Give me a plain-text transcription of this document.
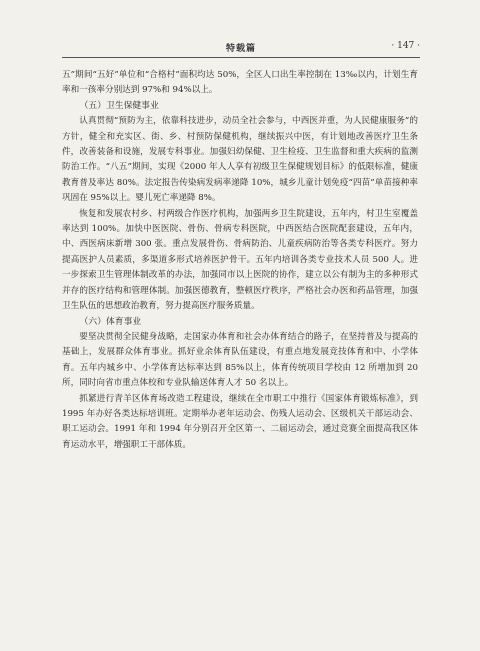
特载篇	· 147 ·

五”期间“五好”单位和“合格村”面积均达 50%，全区人口出生率控制在 13‰以内，计划生育率和一孩率分别达到 97%和 94%以上。

（五）卫生保健事业

认真贯彻“预防为主，依靠科技进步，动员全社会参与，中西医并重，为人民健康服务”的方针，健全和充实区、街、乡、村预防保健机构，继续振兴中医，有计划地改善医疗卫生条件，改善装备和设施，发展专科事业。加强妇幼保健、卫生检疫、卫生监督和重大疾病的监测防治工作。“八五”期间，实现《2000 年人人享有初级卫生保健规划目标》的低限标准，健康教育普及率达 80%。法定报告传染病发病率递降 10%，城乡儿童计划免疫“四苗”单苗接种率巩固在 95%以上。婴儿死亡率递降 8%。

恢复和发展农村乡、村两级合作医疗机构，加强两乡卫生院建设，五年内，村卫生室覆盖率达到 100%。加快中医医院、骨伤、骨病专科医院，中西医结合医院配套建设，五年内，中、西医病床新增 300 张。重点发展骨伤、骨病防治、儿童疾病防治等各类专科医疗。努力提高医护人员素质，多渠道多形式培养医护骨干。五年内培训各类专业技术人员 500 人。进一步探索卫生管理体制改革的办法，加强同市以上医院的协作，建立以公有制为主的多种形式并存的医疗结构和管理体制。加强医德教育，整顿医疗秩序，严格社会办医和药品管理，加强卫生队伍的思想政治教育，努力提高医疗服务质量。

（六）体育事业

要坚决贯彻全民健身战略，走国家办体育和社会办体育结合的路子，在坚持普及与提高的基础上，发展群众体育事业。抓好业余体育队伍建设，有重点地发展竞技体育和中、小学体育。五年内城乡中、小学体育达标率达到 85%以上，体育传统项目学校由 12 所增加到 20 所，同时向省市重点体校和专业队输送体育人才 50 名以上。

抓紧进行青羊区体育场改造工程建设，继续在全市职工中推行《国家体育锻炼标准》，到 1995 年办好各类达标培训班。定期举办老年运动会、伤残人运动会、区级机关干部运动会、职工运动会。1991 年和 1994 年分别召开全区第一、二届运动会，通过竞赛全面提高我区体育运动水平，增强职工干部体质。
